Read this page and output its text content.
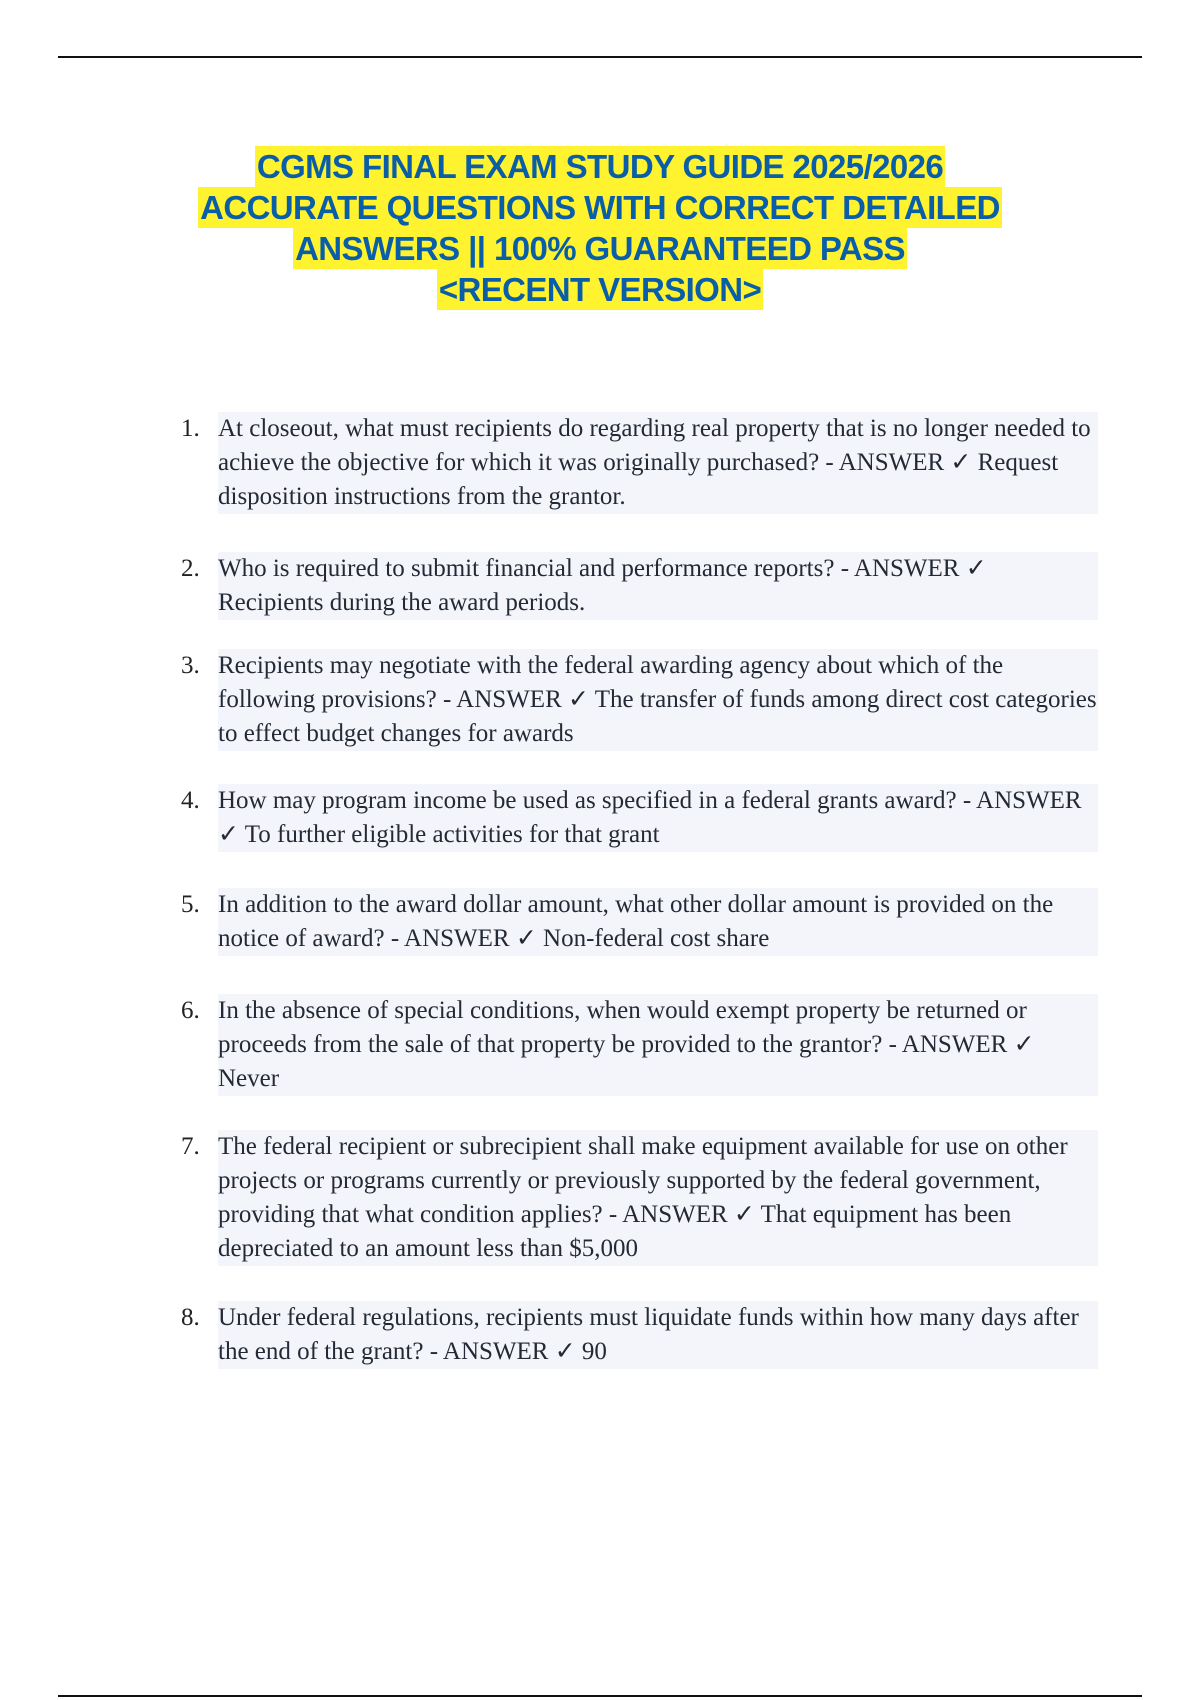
CGMS FINAL EXAM STUDY GUIDE 2025/2026
ACCURATE QUESTIONS WITH CORRECT DETAILED
ANSWERS || 100% GUARANTEED PASS
<RECENT VERSION>
1. At closeout, what must recipients do regarding real property that is no longer needed to achieve the objective for which it was originally purchased? - ANSWER ✓ Request disposition instructions from the grantor.
2. Who is required to submit financial and performance reports? - ANSWER ✓ Recipients during the award periods.
3. Recipients may negotiate with the federal awarding agency about which of the following provisions? - ANSWER ✓ The transfer of funds among direct cost categories to effect budget changes for awards
4. How may program income be used as specified in a federal grants award? - ANSWER ✓ To further eligible activities for that grant
5. In addition to the award dollar amount, what other dollar amount is provided on the notice of award? - ANSWER ✓ Non-federal cost share
6. In the absence of special conditions, when would exempt property be returned or proceeds from the sale of that property be provided to the grantor? - ANSWER ✓ Never
7. The federal recipient or subrecipient shall make equipment available for use on other projects or programs currently or previously supported by the federal government, providing that what condition applies? - ANSWER ✓ That equipment has been depreciated to an amount less than $5,000
8. Under federal regulations, recipients must liquidate funds within how many days after the end of the grant? - ANSWER ✓ 90
